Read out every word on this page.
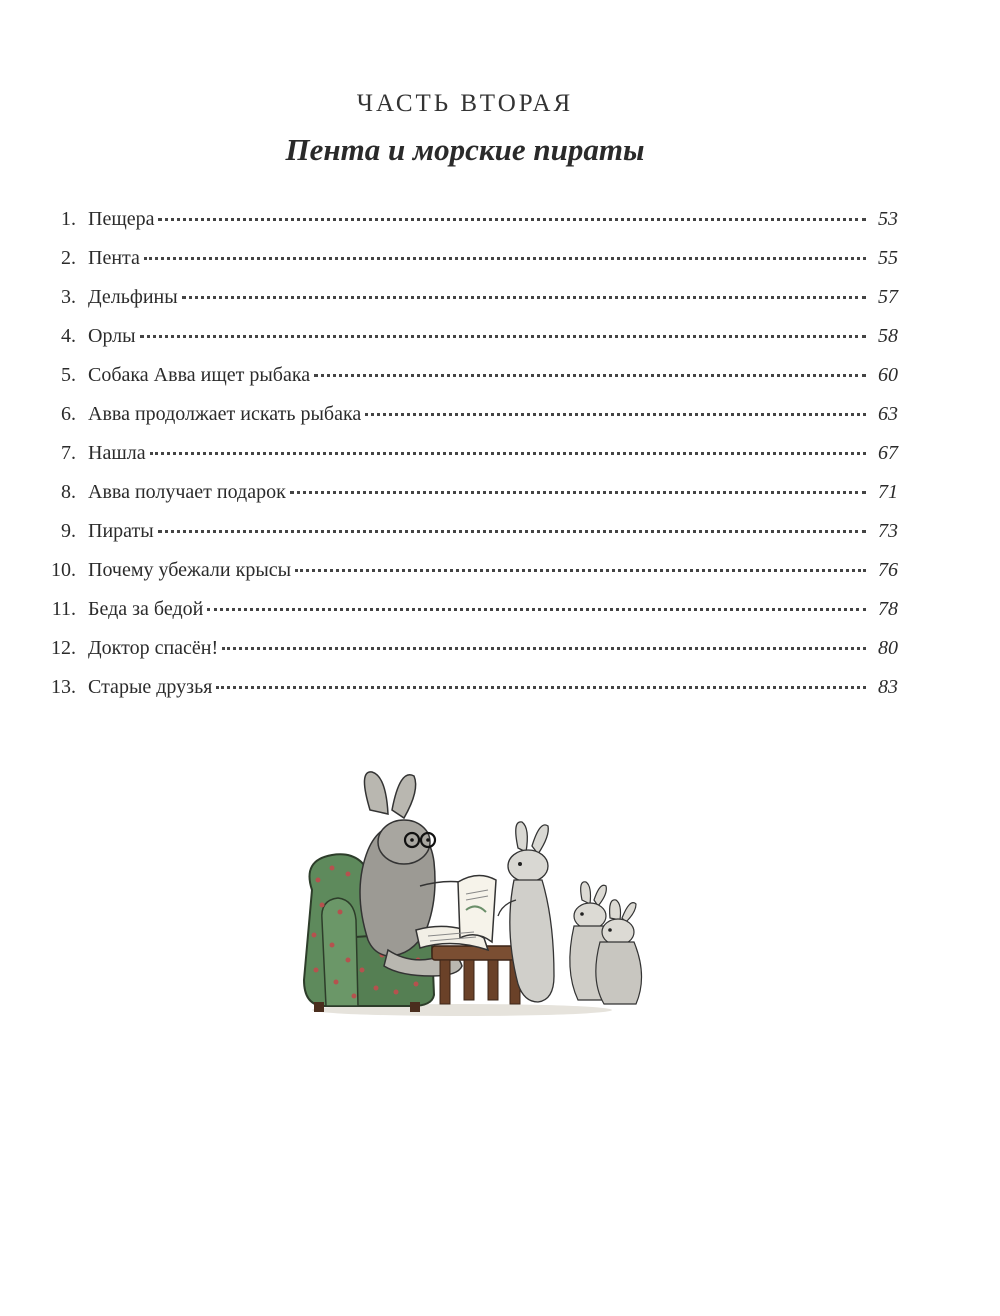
ЧАСТЬ ВТОРАЯ
Пента и морские пираты
1. Пещера	53
2. Пента	55
3. Дельфины	57
4. Орлы	58
5. Собака Авва ищет рыбака	60
6. Авва продолжает искать рыбака	63
7. Нашла	67
8. Авва получает подарок	71
9. Пираты	73
10. Почему убежали крысы	76
11. Беда за бедой	78
12. Доктор спасён!	80
13. Старые друзья	83
